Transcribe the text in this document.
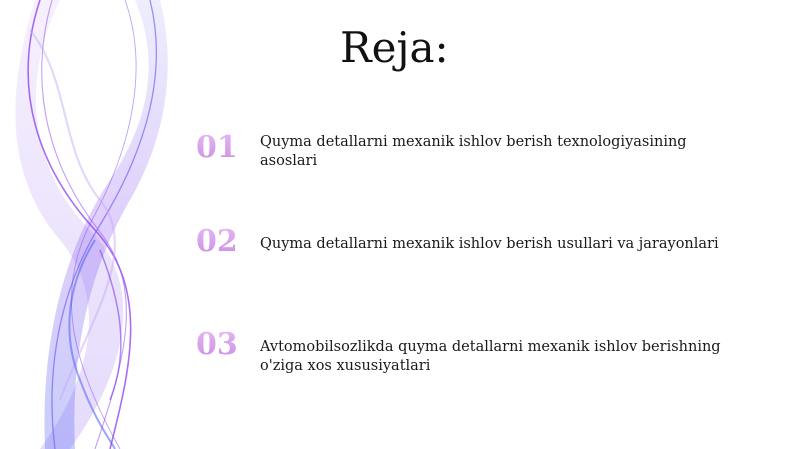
Reja:
01	Quyma detallarni mexanik ishlov berish texnologiyasining asoslari
02	Quyma detallarni mexanik ishlov berish usullari va jarayonlari
03	Avtomobilsozlikda quyma detallarni mexanik ishlov berishning o'ziga xos xususiyatlari
